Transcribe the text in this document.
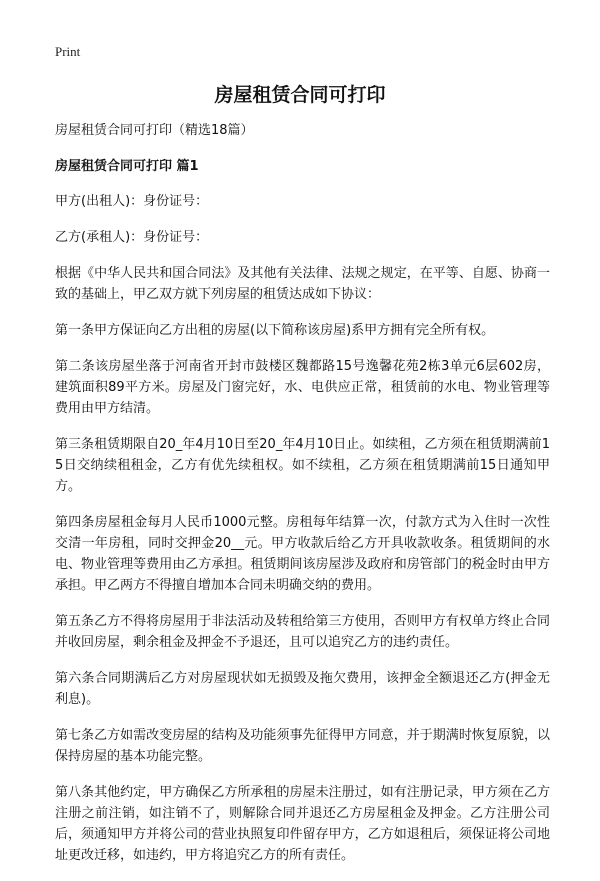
Print
房屋租赁合同可打印

房屋租赁合同可打印（精选18篇）

房屋租赁合同可打印 篇1

甲方(出租人)：身份证号：

乙方(承租人)：身份证号：

根据《中华人民共和国合同法》及其他有关法律、法规之规定，在平等、自愿、协商一致的基础上，甲乙双方就下列房屋的租赁达成如下协议：

第一条甲方保证向乙方出租的房屋(以下简称该房屋)系甲方拥有完全所有权。

第二条该房屋坐落于河南省开封市鼓楼区魏都路15号逸馨花苑2栋3单元6层602房，建筑面积89平方米。房屋及门窗完好，水、电供应正常，租赁前的水电、物业管理等费用由甲方结清。

第三条租赁期限自20_年4月10日至20_年4月10日止。如续租，乙方须在租赁期满前15日交纳续租租金，乙方有优先续租权。如不续租，乙方须在租赁期满前15日通知甲方。

第四条房屋租金每月人民币1000元整。房租每年结算一次，付款方式为入住时一次性交清一年房租，同时交押金20__元。甲方收款后给乙方开具收款收条。租赁期间的水电、物业管理等费用由乙方承担。租赁期间该房屋涉及政府和房管部门的税金时由甲方承担。甲乙两方不得擅自增加本合同未明确交纳的费用。

第五条乙方不得将房屋用于非法活动及转租给第三方使用，否则甲方有权单方终止合同并收回房屋，剩余租金及押金不予退还，且可以追究乙方的违约责任。

第六条合同期满后乙方对房屋现状如无损毁及拖欠费用，该押金全额退还乙方(押金无利息)。

第七条乙方如需改变房屋的结构及功能须事先征得甲方同意，并于期满时恢复原貌，以保持房屋的基本功能完整。

第八条其他约定，甲方确保乙方所承租的房屋未注册过，如有注册记录，甲方须在乙方注册之前注销，如注销不了，则解除合同并退还乙方房屋租金及押金。乙方注册公司后，须通知甲方并将公司的营业执照复印件留存甲方，乙方如退租后，须保证将公司地址更改迁移，如违约，甲方将追究乙方的所有责任。
